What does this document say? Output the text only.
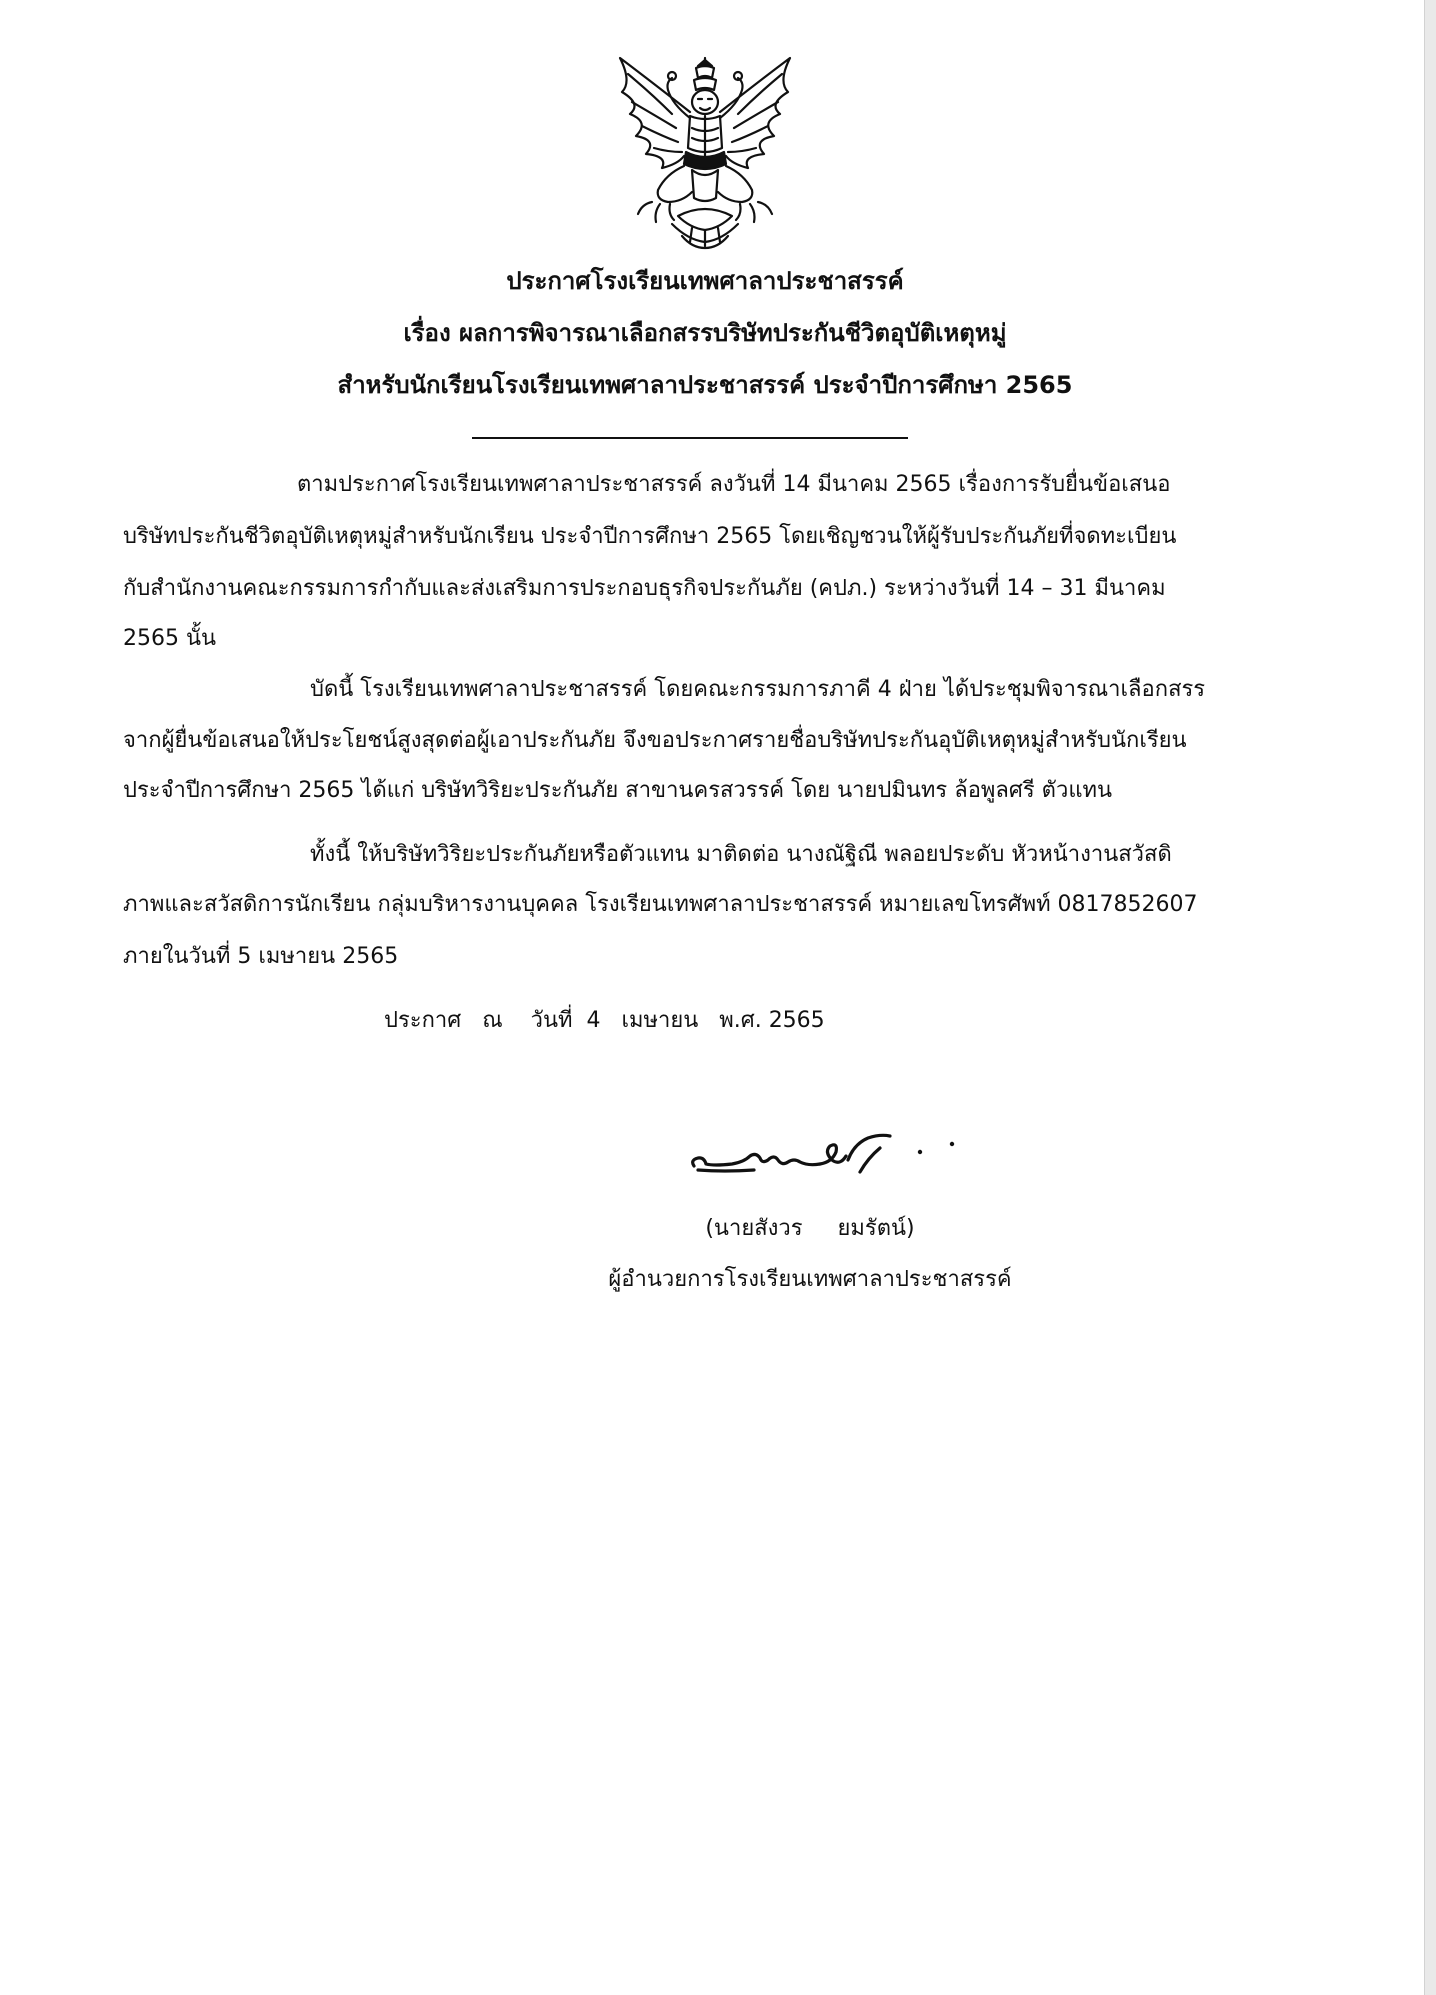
ประกาศโรงเรียนเทพศาลาประชาสรรค์
เรื่อง ผลการพิจารณาเลือกสรรบริษัทประกันชีวิตอุบัติเหตุหมู่
สำหรับนักเรียนโรงเรียนเทพศาลาประชาสรรค์ ประจำปีการศึกษา 2565
ตามประกาศโรงเรียนเทพศาลาประชาสรรค์ ลงวันที่ 14 มีนาคม 2565 เรื่องการรับยื่นข้อเสนอ
บริษัทประกันชีวิตอุบัติเหตุหมู่สำหรับนักเรียน ประจำปีการศึกษา 2565 โดยเชิญชวนให้ผู้รับประกันภัยที่จดทะเบียน
กับสำนักงานคณะกรรมการกำกับและส่งเสริมการประกอบธุรกิจประกันภัย (คปภ.) ระหว่างวันที่ 14 – 31 มีนาคม
2565 นั้น
บัดนี้ โรงเรียนเทพศาลาประชาสรรค์ โดยคณะกรรมการภาคี 4 ฝ่าย ได้ประชุมพิจารณาเลือกสรร
จากผู้ยื่นข้อเสนอให้ประโยชน์สูงสุดต่อผู้เอาประกันภัย จึงขอประกาศรายชื่อบริษัทประกันอุบัติเหตุหมู่สำหรับนักเรียน
ประจำปีการศึกษา 2565 ได้แก่ บริษัทวิริยะประกันภัย สาขานครสวรรค์ โดย นายปมินทร ล้อพูลศรี ตัวแทน
ทั้งนี้ ให้บริษัทวิริยะประกันภัยหรือตัวแทน มาติดต่อ นางณัฐิณี พลอยประดับ หัวหน้างานสวัสดิ
ภาพและสวัสดิการนักเรียน กลุ่มบริหารงานบุคคล โรงเรียนเทพศาลาประชาสรรค์ หมายเลขโทรศัพท์ 0817852607
ภายในวันที่ 5 เมษายน 2565
ประกาศ   ณ    วันที่  4   เมษายน   พ.ศ. 2565
(นายสังวร     ยมรัตน์)
ผู้อำนวยการโรงเรียนเทพศาลาประชาสรรค์
